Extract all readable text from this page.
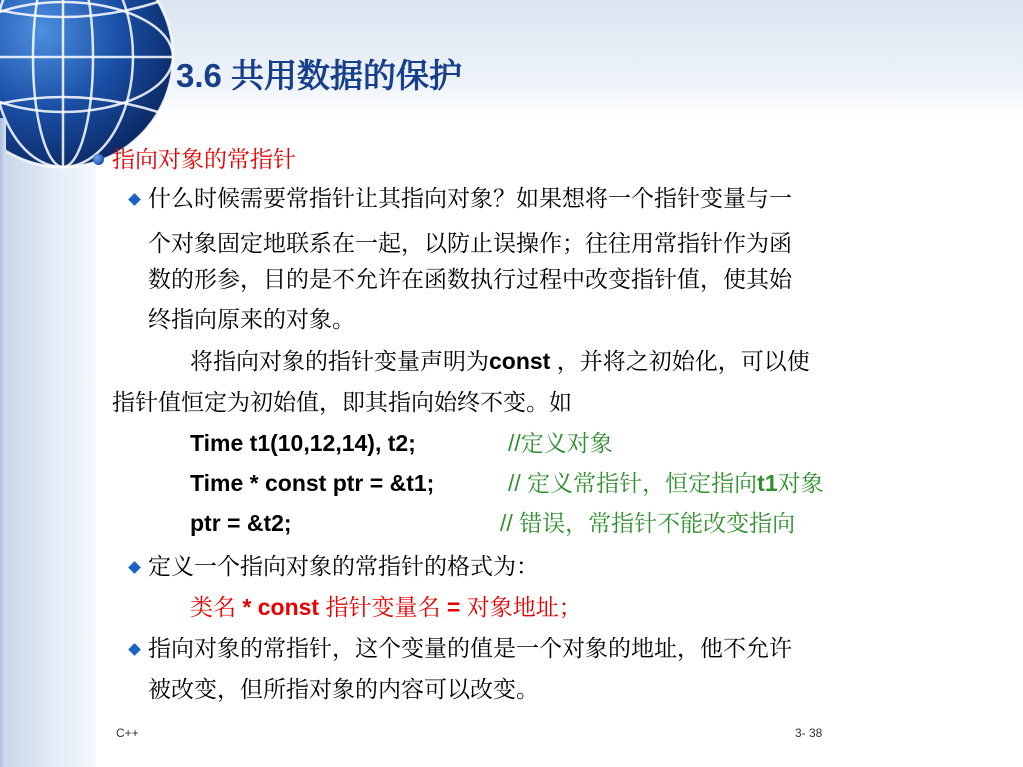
3.6 共用数据的保护
指向对象的常指针
什么时候需要常指针让其指向对象？如果想将一个指针变量与一
个对象固定地联系在一起，以防止误操作；往往用常指针作为函
数的形参，目的是不允许在函数执行过程中改变指针值，使其始
终指向原来的对象。
将指向对象的指针变量声明为const ，并将之初始化，可以使
指针值恒定为初始值，即其指向始终不变。如
Time t1(10,12,14), t2;	//定义对象
Time * const ptr = &t1;	// 定义常指针，恒定指向t1对象
ptr = &t2;	// 错误，常指针不能改变指向
定义一个指向对象的常指针的格式为：
类名 * const 指针变量名 = 对象地址；
指向对象的常指针，这个变量的值是一个对象的地址，他不允许
被改变，但所指对象的内容可以改变。
C++	3- 38
